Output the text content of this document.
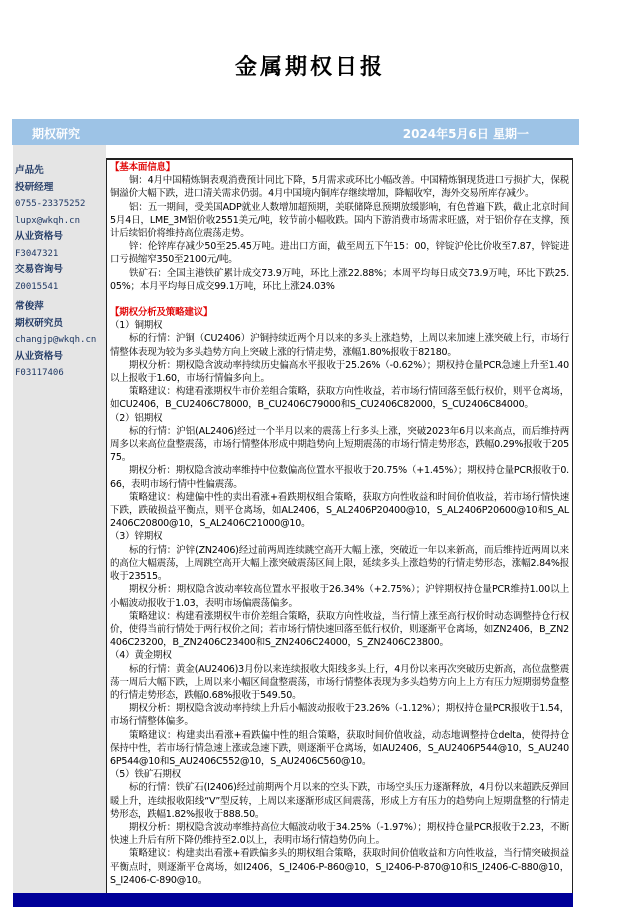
金属期权日报
期权研究	2024年5月6日 星期一
卢品先
投研经理
0755-23375252
lupx@wkqh.cn
从业资格号
F3047321
交易咨询号
Z0015541
常俊萍
期权研究员
changjp@wkqh.cn
从业资格号
F03117406
【基本面信息】

铜：4月中国精炼铜表观消费预计同比下降，5月需求或环比小幅改善。中国精炼铜现货进口亏损扩大，保税铜溢价大幅下跌，进口清关需求仍弱。4月中国境内铜库存继续增加，降幅收窄，海外交易所库存减少。

铝：五一期间，受美国ADP就业人数增加超预期，美联储降息预期放缓影响，有色普遍下跌，截止北京时间5月4日，LME_3M铝价收2551美元/吨，较节前小幅收跌。国内下游消费市场需求旺盛，对于铝价存在支撑，预计后续铝价将维持高位震荡走势。

锌：伦锌库存减少50至25.45万吨。进出口方面，截至周五下午15：00，锌锭沪伦比价收至7.87，锌锭进口亏损缩窄350至2100元/吨。

铁矿石：全国主港铁矿累计成交73.9万吨，环比上涨22.88%；本周平均每日成交73.9万吨，环比下跌25.05%；本月平均每日成交99.1万吨，环比上涨24.03%

【期权分析及策略建议】

（1）铜期权

标的行情：沪铜（CU2406）沪铜持续近两个月以来的多头上涨趋势，上周以来加速上涨突破上行，市场行情整体表现为较为多头趋势方向上突破上涨的行情走势，涨幅1.80%报收于82180。

期权分析：期权隐含波动率持续历史偏高水平报收于25.26%（-0.62%）；期权持仓量PCR急速上升至1.40以上报收于1.60，市场行情偏多向上。

策略建议：构建看涨期权牛市价差组合策略，获取方向性收益，若市场行情回落至低行权价，则平仓离场，如CU2406，B_CU2406C78000，B_CU2406C79000和S_CU2406C82000，S_CU2406C84000。

（2）铝期权

标的行情：沪铝(AL2406)经过一个半月以来的震荡上行多头上涨，突破2023年6月以来高点，而后维持两周多以来高位盘整震荡，市场行情整体形成中期趋势向上短期震荡的市场行情走势形态，跌幅0.29%报收于20575。

期权分析：期权隐含波动率维持中位数偏高位置水平报收于20.75%（+1.45%）；期权持仓量PCR报收于0.66，表明市场行情中性偏震荡。

策略建议：构建偏中性的卖出看涨+看跌期权组合策略，获取方向性收益和时间价值收益，若市场行情快速下跌，跌破损益平衡点，则平仓离场，如AL2406，S_AL2406P20400@10，S_AL2406P20600@10和S_AL2406C20800@10，S_AL2406C21000@10。

（3）锌期权

标的行情：沪锌(ZN2406)经过前两周连续跳空高开大幅上涨，突破近一年以来新高，而后维持近两周以来的高位大幅震荡，上周跳空高开大幅上涨突破震荡区间上限，延续多头上涨趋势的行情走势形态，涨幅2.84%报收于23515。

期权分析：期权隐含波动率较高位置水平报收于26.34%（+2.75%）；沪锌期权持仓量PCR维持1.00以上小幅波动报收于1.03，表明市场偏震荡偏多。

策略建议：构建看涨期权牛市价差组合策略，获取方向性收益，当行情上涨至高行权价时动态调整持仓行权价，使得当前行情处于两行权价之间；若市场行情快速回落至低行权价，则逐渐平仓离场，如ZN2406，B_ZN2406C23200，B_ZN2406C23400和S_ZN2406C24000，S_ZN2406C23800。

（4）黄金期权

标的行情：黄金(AU2406)3月份以来连续报收大阳线多头上行，4月份以来再次突破历史新高，高位盘整震荡一周后大幅下跌，上周以来小幅区间盘整震荡，市场行情整体表现为多头趋势方向上上方有压力短期弱势盘整的行情走势形态，跌幅0.68%报收于549.50。

期权分析：期权隐含波动率持续上升后小幅波动报收于23.26%（-1.12%）；期权持仓量PCR报收于1.54，市场行情整体偏多。

策略建议：构建卖出看涨+看跌偏中性的组合策略，获取时间价值收益，动态地调整持仓delta，使得持仓保持中性，若市场行情急速上涨或急速下跌，则逐渐平仓离场，如AU2406，S_AU2406P544@10，S_AU2406P544@10和S_AU2406C552@10，S_AU2406C560@10。

（5）铁矿石期权

标的行情：铁矿石(I2406)经过前期两个月以来的空头下跌，市场空头压力逐渐释放，4月份以来超跌反弹回暖上升，连续报收阳线“V”型反转，上周以来逐渐形成区间震荡，形成上方有压力的趋势向上短期盘整的行情走势形态，跌幅1.82%报收于888.50。

期权分析：期权隐含波动率维持高位大幅波动收于34.25%（-1.97%）；期权持仓量PCR报收于2.23，不断快速上升后有所下降仍维持至2.0以上，表明市场行情趋势仍向上。

策略建议：构建卖出看涨+看跌偏多头的期权组合策略，获取时间价值收益和方向性收益，当行情突破损益平衡点时，则逐渐平仓离场，如I2406，S_I2406-P-860@10，S_I2406-P-870@10和S_I2406-C-880@10，S_I2406-C-890@10。
